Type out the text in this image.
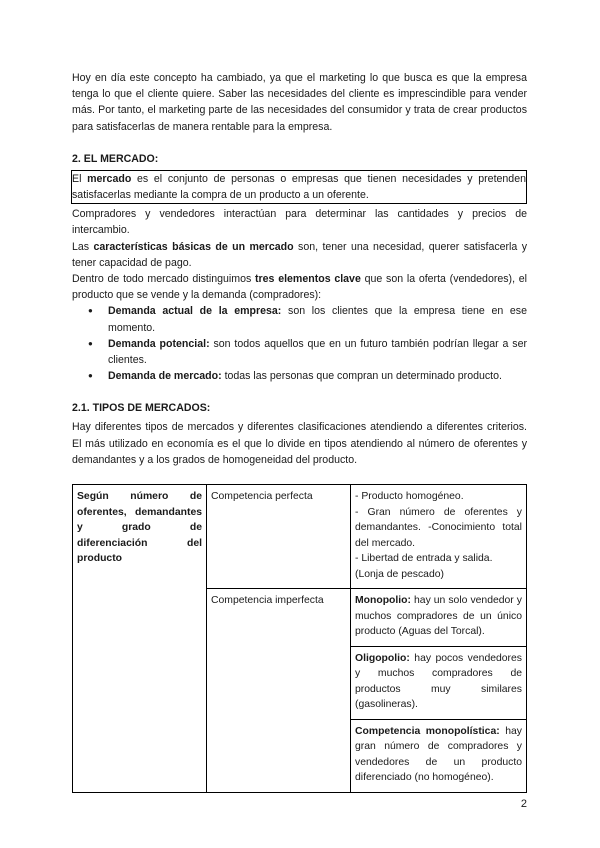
Hoy en día este concepto ha cambiado, ya que el marketing lo que busca es que la empresa tenga lo que el cliente quiere. Saber las necesidades del cliente es imprescindible para vender más. Por tanto, el marketing parte de las necesidades del consumidor y trata de crear productos para satisfacerlas de manera rentable para la empresa.

2. EL MERCADO:

El mercado es el conjunto de personas o empresas que tienen necesidades y pretenden satisfacerlas mediante la compra de un producto a un oferente.

Compradores y vendedores interactúan para determinar las cantidades y precios de intercambio.

Las características básicas de un mercado son, tener una necesidad, querer satisfacerla y tener capacidad de pago.

Dentro de todo mercado distinguimos tres elementos clave que son la oferta (vendedores), el producto que se vende y la demanda (compradores):

● Demanda actual de la empresa: son los clientes que la empresa tiene en ese momento.
● Demanda potencial: son todos aquellos que en un futuro también podrían llegar a ser clientes.
● Demanda de mercado: todas las personas que compran un determinado producto.
2.1. TIPOS DE MERCADOS:

Hay diferentes tipos de mercados y diferentes clasificaciones atendiendo a diferentes criterios. El más utilizado en economía es el que lo divide en tipos atendiendo al número de oferentes y demandantes y a los grados de homogeneidad del producto.

Según número de oferentes, demandantes y grado de diferenciación del producto	Competencia perfecta	- Producto homogéneo.
- Gran número de oferentes y demandantes. -Conocimiento total del mercado.
- Libertad de entrada y salida.
(Lonja de pescado)

	Competencia imperfecta	Monopolio: hay un solo vendedor y muchos compradores de un único producto (Aguas del Torcal).
		Oligopolio: hay pocos vendedores y muchos compradores de productos muy similares (gasolineras).
		Competencia monopolística: hay gran número de compradores y vendedores de un producto diferenciado (no homogéneo).
2
